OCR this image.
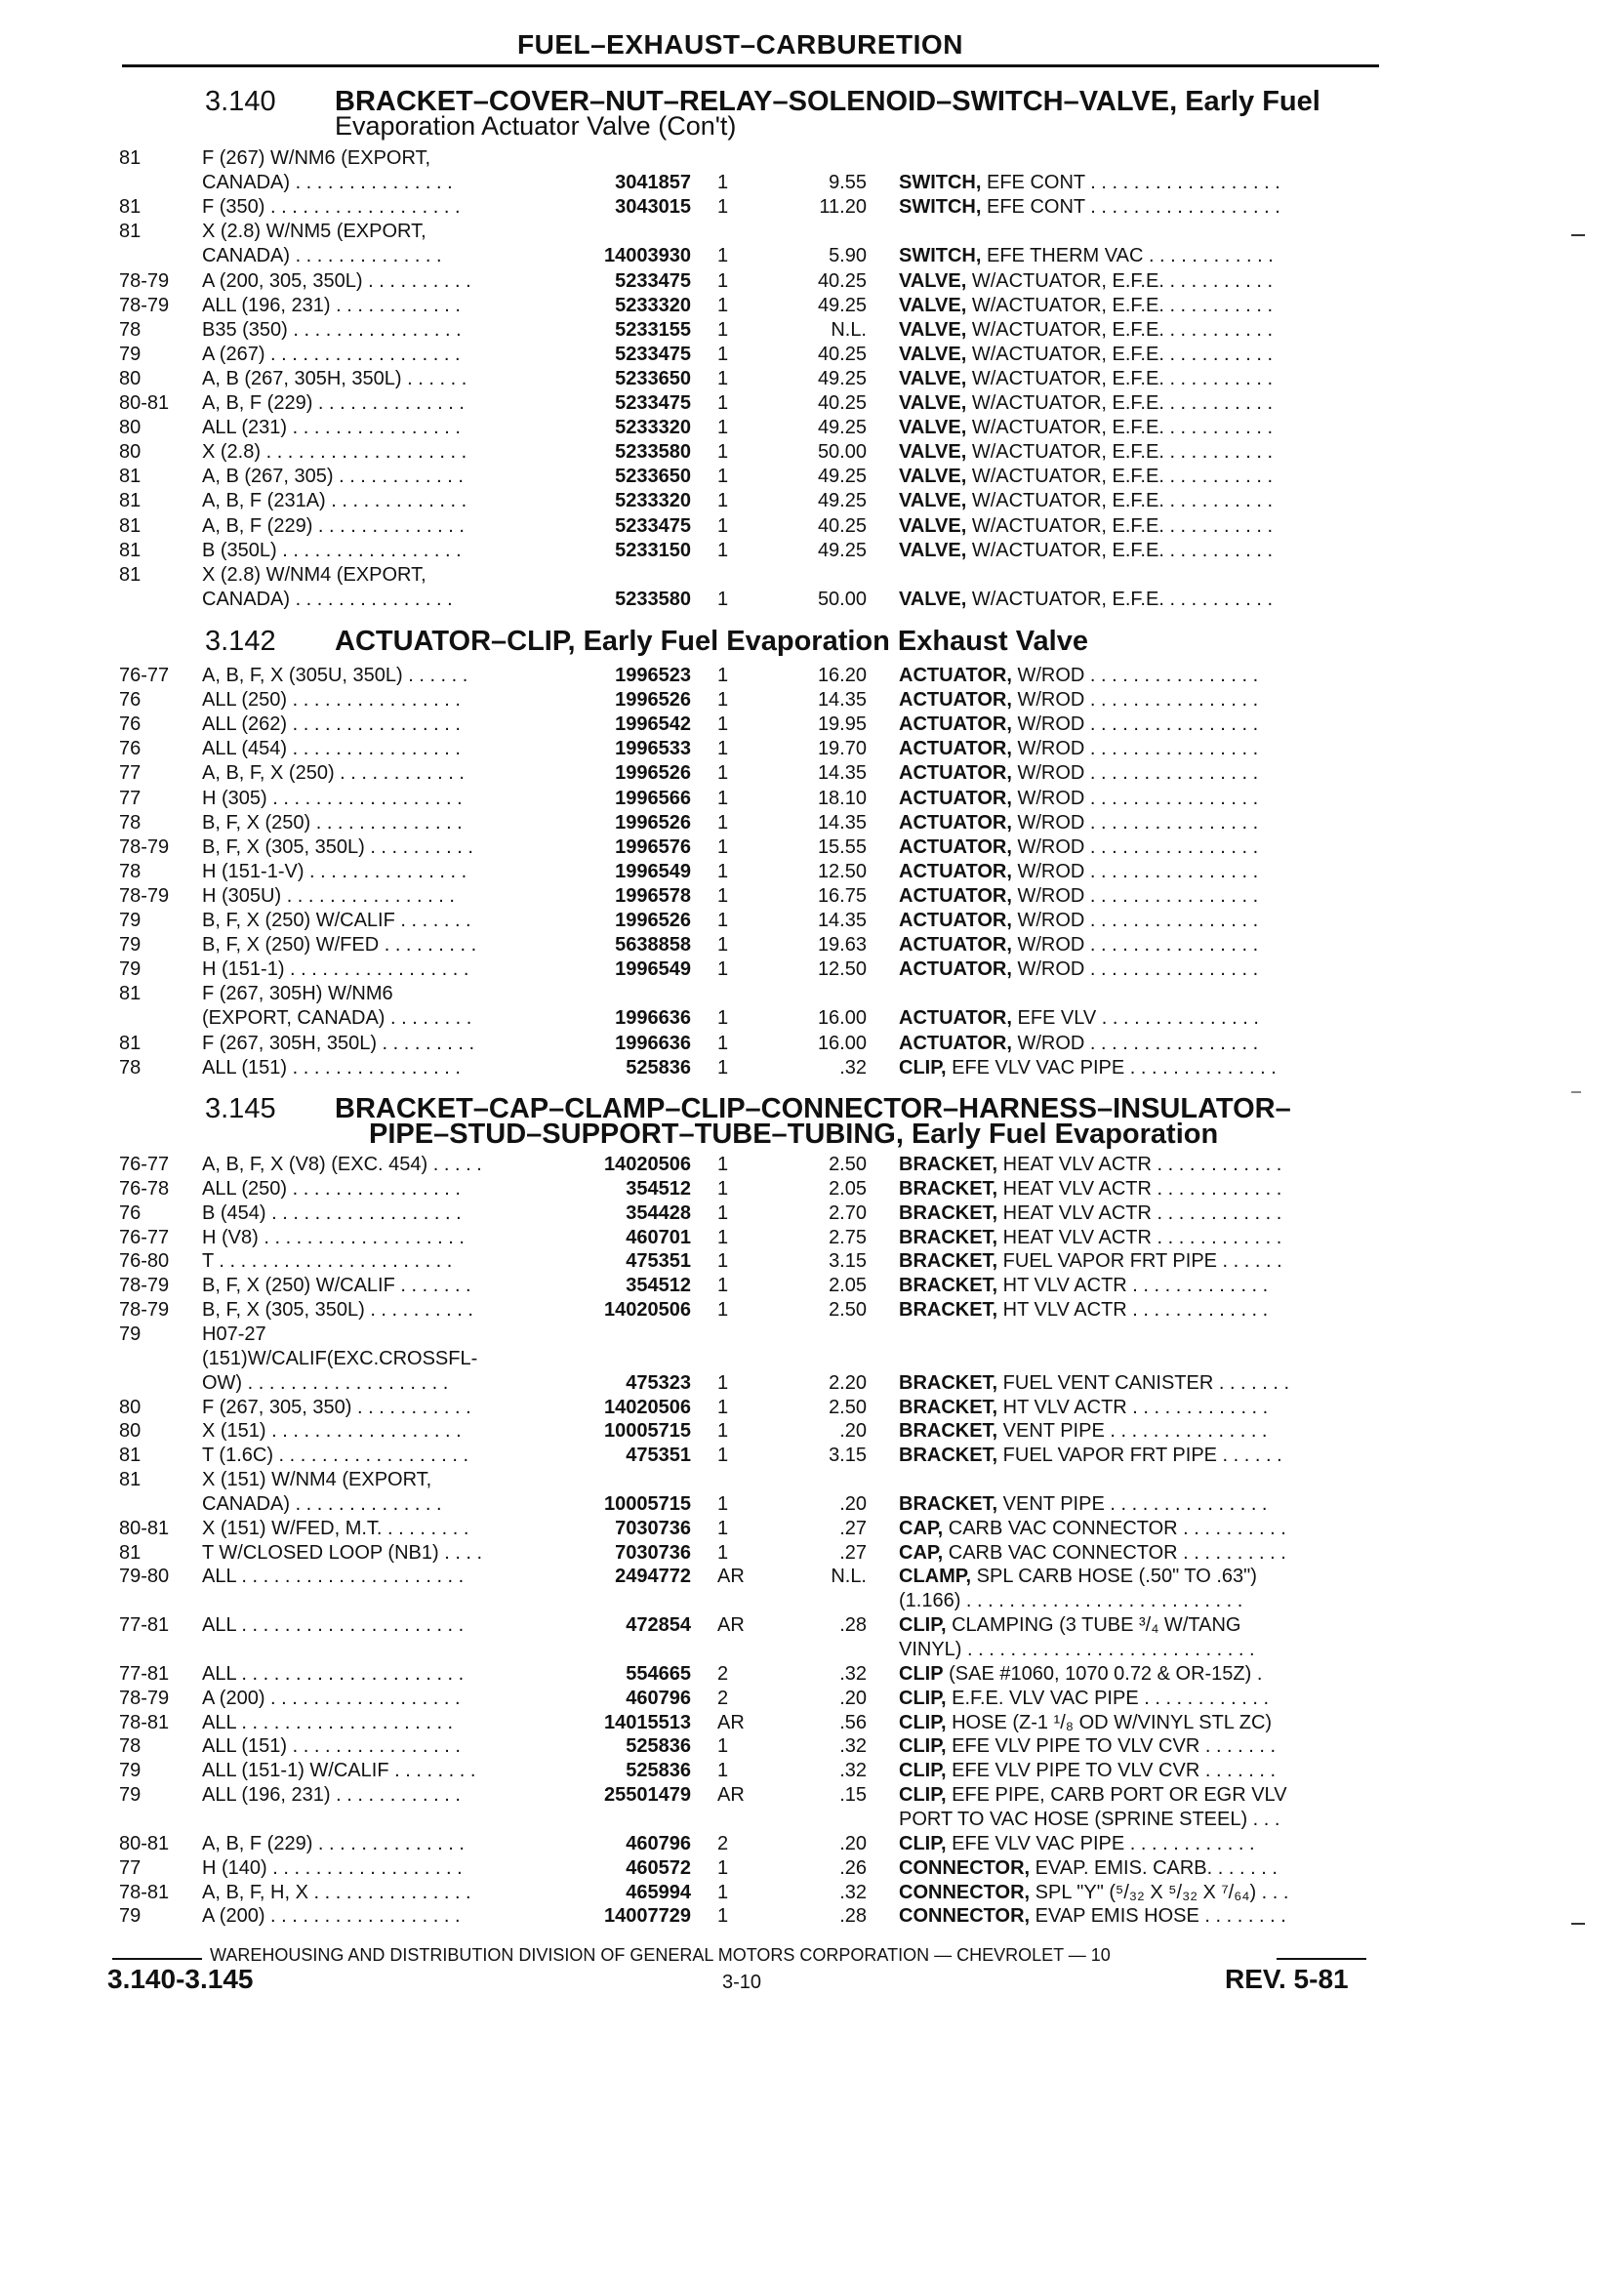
FUEL–EXHAUST–CARBURETION
3.140 BRACKET–COVER–NUT–RELAY–SOLENOID–SWITCH–VALVE, Early Fuel
Evaporation Actuator Valve (Con't)
81	F (267) W/NM6 (EXPORT,
CANADA) . . . . . . . . . . . . . . .	3041857 1	9.55 SWITCH, EFE CONT . . . . . . . . . . . . . . . . . .
81	F (350) . . . . . . . . . . . . . . . . . .	3043015 1	11.20 SWITCH, EFE CONT . . . . . . . . . . . . . . . . . .
81	X (2.8) W/NM5 (EXPORT,
CANADA) . . . . . . . . . . . . . .	14003930 1	5.90 SWITCH, EFE THERM VAC . . . . . . . . . . . .
78-79 A (200, 305, 350L) . . . . . . . . . .	5233475 1	40.25 VALVE, W/ACTUATOR, E.F.E. . . . . . . . . . .
78-79 ALL (196, 231) . . . . . . . . . . . .	5233320 1	49.25 VALVE, W/ACTUATOR, E.F.E. . . . . . . . . . .
78	B35 (350) . . . . . . . . . . . . . . . .	5233155 1	N.L. VALVE, W/ACTUATOR, E.F.E. . . . . . . . . . .
79	A (267) . . . . . . . . . . . . . . . . . .	5233475 1	40.25 VALVE, W/ACTUATOR, E.F.E. . . . . . . . . . .
80	A, B (267, 305H, 350L) . . . . . .	5233650 1	49.25 VALVE, W/ACTUATOR, E.F.E. . . . . . . . . . .
80-81 A, B, F (229) . . . . . . . . . . . . . .	5233475 1	40.25 VALVE, W/ACTUATOR, E.F.E. . . . . . . . . . .
80	ALL (231) . . . . . . . . . . . . . . . .	5233320 1	49.25 VALVE, W/ACTUATOR, E.F.E. . . . . . . . . . .
80	X (2.8) . . . . . . . . . . . . . . . . . . .	5233580 1	50.00 VALVE, W/ACTUATOR, E.F.E. . . . . . . . . . .
81	A, B (267, 305) . . . . . . . . . . . .	5233650 1	49.25 VALVE, W/ACTUATOR, E.F.E. . . . . . . . . . .
81	A, B, F (231A) . . . . . . . . . . . . .	5233320 1	49.25 VALVE, W/ACTUATOR, E.F.E. . . . . . . . . . .
81	A, B, F (229) . . . . . . . . . . . . . .	5233475 1	40.25 VALVE, W/ACTUATOR, E.F.E. . . . . . . . . . .
81	B (350L) . . . . . . . . . . . . . . . . .	5233150 1	49.25 VALVE, W/ACTUATOR, E.F.E. . . . . . . . . . .
81	X (2.8) W/NM4 (EXPORT,
CANADA) . . . . . . . . . . . . . . .	5233580 1	50.00 VALVE, W/ACTUATOR, E.F.E. . . . . . . . . . .
3.142 ACTUATOR–CLIP, Early Fuel Evaporation Exhaust Valve
76-77 A, B, F, X (305U, 350L) . . . . . .	1996523 1	16.20 ACTUATOR, W/ROD . . . . . . . . . . . . . . . .
76	ALL (250) . . . . . . . . . . . . . . . .	1996526 1	14.35 ACTUATOR, W/ROD . . . . . . . . . . . . . . . .
76	ALL (262) . . . . . . . . . . . . . . . .	1996542 1	19.95 ACTUATOR, W/ROD . . . . . . . . . . . . . . . .
76	ALL (454) . . . . . . . . . . . . . . . .	1996533 1	19.70 ACTUATOR, W/ROD . . . . . . . . . . . . . . . .
77	A, B, F, X (250) . . . . . . . . . . . .	1996526 1	14.35 ACTUATOR, W/ROD . . . . . . . . . . . . . . . .
77	H (305) . . . . . . . . . . . . . . . . . .	1996566 1	18.10 ACTUATOR, W/ROD . . . . . . . . . . . . . . . .
78	B, F, X (250) . . . . . . . . . . . . . .	1996526 1	14.35 ACTUATOR, W/ROD . . . . . . . . . . . . . . . .
78-79 B, F, X (305, 350L) . . . . . . . . . .	1996576 1	15.55 ACTUATOR, W/ROD . . . . . . . . . . . . . . . .
78	H (151-1-V) . . . . . . . . . . . . . . .	1996549 1	12.50 ACTUATOR, W/ROD . . . . . . . . . . . . . . . .
78-79 H (305U) . . . . . . . . . . . . . . . .	1996578 1	16.75 ACTUATOR, W/ROD . . . . . . . . . . . . . . . .
79	B, F, X (250) W/CALIF . . . . . . .	1996526 1	14.35 ACTUATOR, W/ROD . . . . . . . . . . . . . . . .
79	B, F, X (250) W/FED . . . . . . . . .	5638858 1	19.63 ACTUATOR, W/ROD . . . . . . . . . . . . . . . .
79	H (151-1) . . . . . . . . . . . . . . . . .	1996549 1	12.50 ACTUATOR, W/ROD . . . . . . . . . . . . . . . .
81	F (267, 305H) W/NM6
(EXPORT, CANADA) . . . . . . . .	1996636 1	16.00 ACTUATOR, EFE VLV . . . . . . . . . . . . . . .
81	F (267, 305H, 350L) . . . . . . . . .	1996636 1	16.00 ACTUATOR, W/ROD . . . . . . . . . . . . . . . .
78	ALL (151) . . . . . . . . . . . . . . . .	525836 1	.32 CLIP, EFE VLV VAC PIPE . . . . . . . . . . . . . .
3.145 BRACKET–CAP–CLAMP–CLIP–CONNECTOR–HARNESS–INSULATOR–
PIPE–STUD–SUPPORT–TUBE–TUBING, Early Fuel Evaporation
76-77 A, B, F, X (V8) (EXC. 454) . . . . .	14020506 1	2.50 BRACKET, HEAT VLV ACTR . . . . . . . . . . . .
76-78 ALL (250) . . . . . . . . . . . . . . . .	354512 1	2.05 BRACKET, HEAT VLV ACTR . . . . . . . . . . . .
76	B (454) . . . . . . . . . . . . . . . . . .	354428 1	2.70 BRACKET, HEAT VLV ACTR . . . . . . . . . . . .
76-77 H (V8) . . . . . . . . . . . . . . . . . . .	460701 1	2.75 BRACKET, HEAT VLV ACTR . . . . . . . . . . . .
76-80 T . . . . . . . . . . . . . . . . . . . . . .	475351 1	3.15 BRACKET, FUEL VAPOR FRT PIPE . . . . . .
78-79 B, F, X (250) W/CALIF . . . . . . .	354512 1	2.05 BRACKET, HT VLV ACTR . . . . . . . . . . . . .
78-79 B, F, X (305, 350L) . . . . . . . . . .	14020506 1	2.50 BRACKET, HT VLV ACTR . . . . . . . . . . . . .
79	H07-27
(151)W/CALIF(EXC.CROSSFL-
OW) . . . . . . . . . . . . . . . . . . .	475323 1	2.20 BRACKET, FUEL VENT CANISTER . . . . . . .
80	F (267, 305, 350) . . . . . . . . . . .	14020506 1	2.50 BRACKET, HT VLV ACTR . . . . . . . . . . . . .
80	X (151) . . . . . . . . . . . . . . . . . .	10005715 1	.20 BRACKET, VENT PIPE . . . . . . . . . . . . . . .
81	T (1.6C) . . . . . . . . . . . . . . . . . .	475351 1	3.15 BRACKET, FUEL VAPOR FRT PIPE . . . . . .
81	X (151) W/NM4 (EXPORT,
CANADA) . . . . . . . . . . . . . .	10005715 1	.20 BRACKET, VENT PIPE . . . . . . . . . . . . . . .
80-81 X (151) W/FED, M.T. . . . . . . . .	7030736 1	.27 CAP, CARB VAC CONNECTOR . . . . . . . . . .
81	T W/CLOSED LOOP (NB1) . . . .	7030736 1	.27 CAP, CARB VAC CONNECTOR . . . . . . . . . .
79-80 ALL . . . . . . . . . . . . . . . . . . . . .	2494772 AR	N.L. CLAMP, SPL CARB HOSE (.50" TO .63")
(1.166) . . . . . . . . . . . . . . . . . . . . . . . . . .
77-81 ALL . . . . . . . . . . . . . . . . . . . . .	472854 AR	.28 CLIP, CLAMPING (3 TUBE ³/₄ W/TANG
VINYL) . . . . . . . . . . . . . . . . . . . . . . . . . . .
77-81 ALL . . . . . . . . . . . . . . . . . . . . .	554665 2	.32 CLIP (SAE #1060, 1070 0.72 & OR-15Z) .
78-79 A (200) . . . . . . . . . . . . . . . . . .	460796 2	.20 CLIP, E.F.E. VLV VAC PIPE . . . . . . . . . . . .
78-81 ALL . . . . . . . . . . . . . . . . . . . .	14015513 AR	.56 CLIP, HOSE (Z-1 ¹/₈ OD W/VINYL STL ZC)
78	ALL (151) . . . . . . . . . . . . . . . .	525836 1	.32 CLIP, EFE VLV PIPE TO VLV CVR . . . . . . .
79	ALL (151-1) W/CALIF . . . . . . . .	525836 1	.32 CLIP, EFE VLV PIPE TO VLV CVR . . . . . . .
79	ALL (196, 231) . . . . . . . . . . . .	25501479 AR	.15 CLIP, EFE PIPE, CARB PORT OR EGR VLV
PORT TO VAC HOSE (SPRINE STEEL) . . .
80-81 A, B, F (229) . . . . . . . . . . . . . .	460796 2	.20 CLIP, EFE VLV VAC PIPE . . . . . . . . . . . .
77	H (140) . . . . . . . . . . . . . . . . . .	460572 1	.26 CONNECTOR, EVAP. EMIS. CARB. . . . . . .
78-81 A, B, F, H, X . . . . . . . . . . . . . . .	465994 1	.32 CONNECTOR, SPL "Y" (⁵/₃₂ X ⁵/₃₂ X ⁷/₆₄) . . .
79	A (200) . . . . . . . . . . . . . . . . . .	14007729 1	.28 CONNECTOR, EVAP EMIS HOSE . . . . . . . .
WAREHOUSING AND DISTRIBUTION DIVISION OF GENERAL MOTORS CORPORATION — CHEVROLET — 10
3.140-3.145	3-10	REV. 5-81
